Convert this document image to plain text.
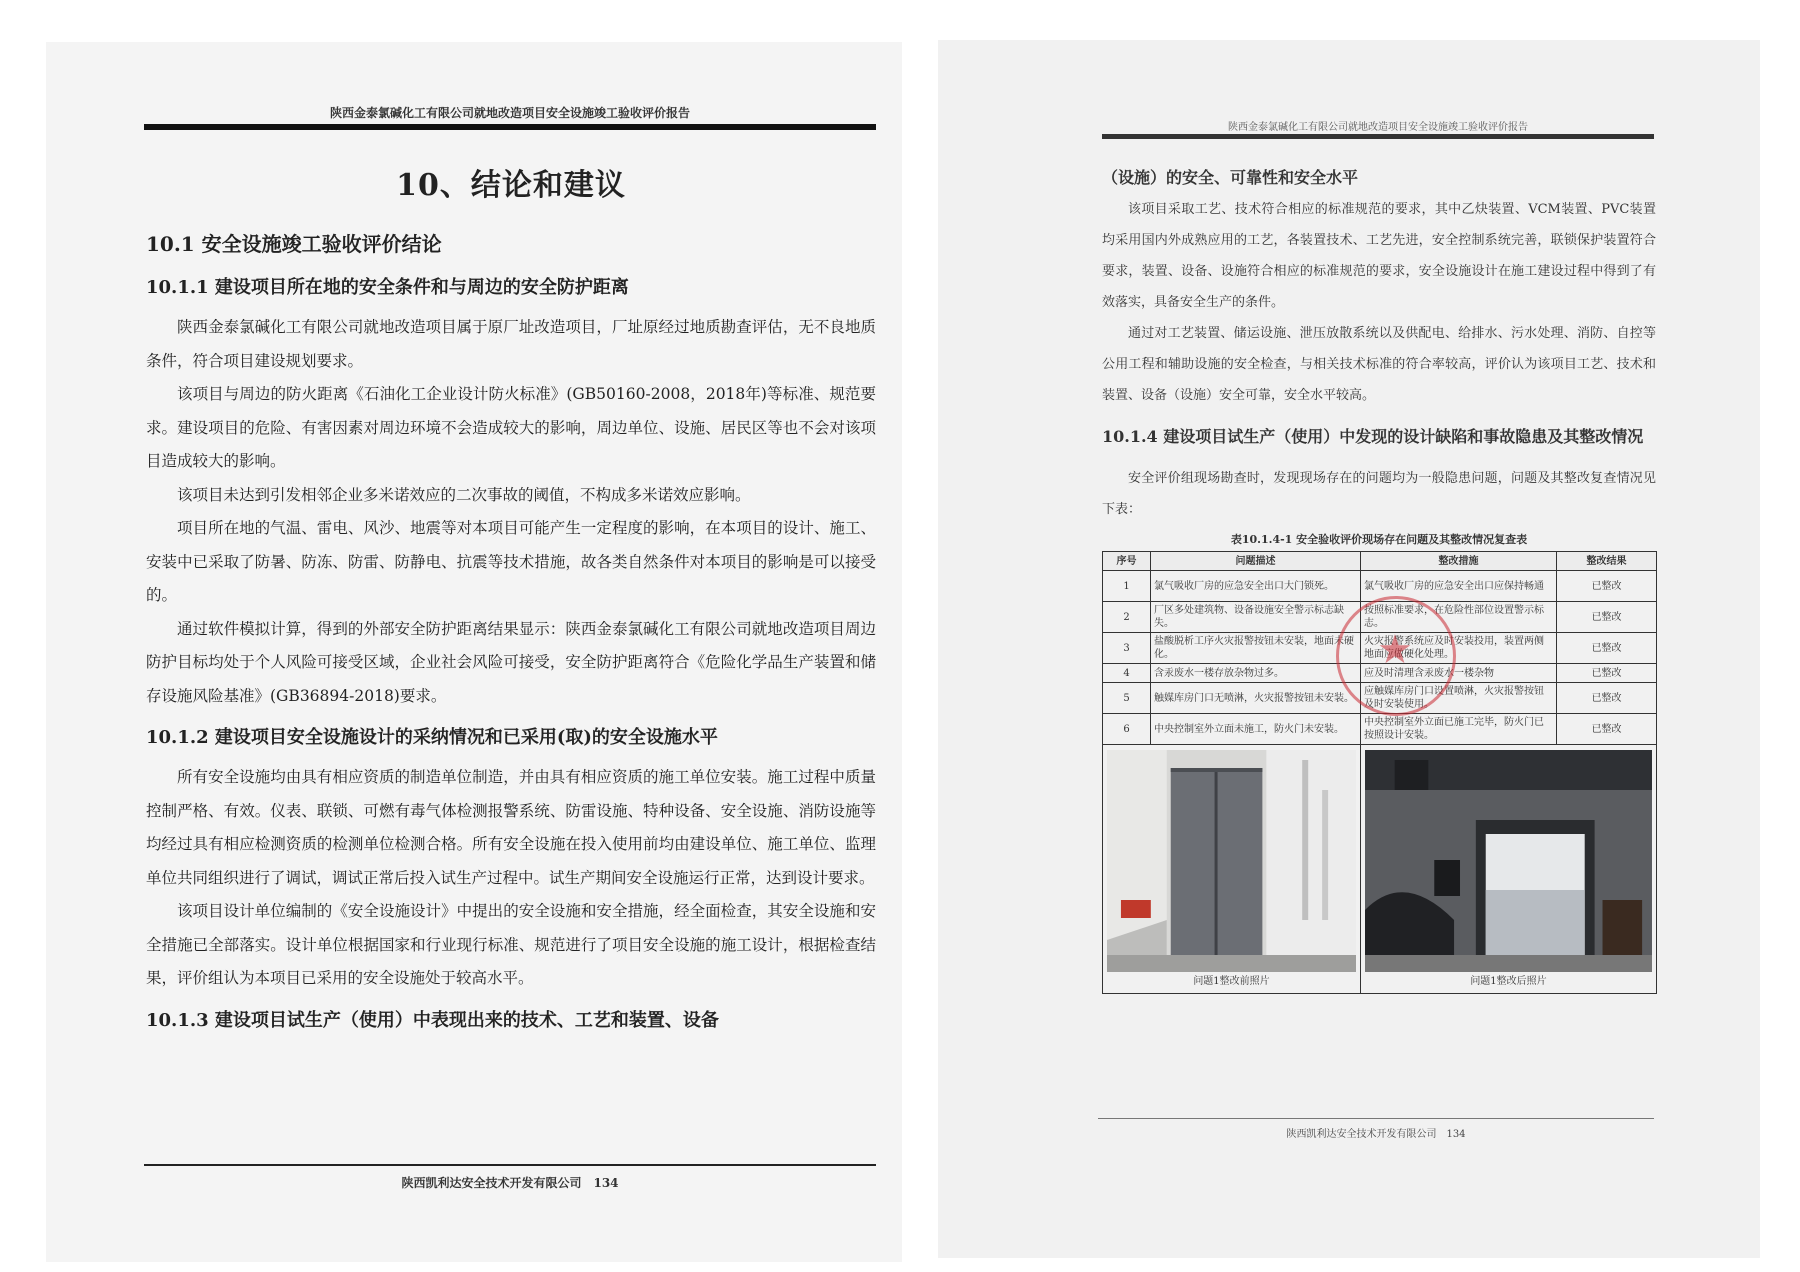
陕西金泰氯碱化工有限公司就地改造项目安全设施竣工验收评价报告
10、结论和建议
10.1 安全设施竣工验收评价结论
10.1.1 建设项目所在地的安全条件和与周边的安全防护距离

陕西金泰氯碱化工有限公司就地改造项目属于原厂址改造项目，厂址原经过地质勘查评估，无不良地质条件，符合项目建设规划要求。

该项目与周边的防火距离《石油化工企业设计防火标准》(GB50160-2008，2018年)等标准、规范要求。建设项目的危险、有害因素对周边环境不会造成较大的影响，周边单位、设施、居民区等也不会对该项目造成较大的影响。

该项目未达到引发相邻企业多米诺效应的二次事故的阈值，不构成多米诺效应影响。

项目所在地的气温、雷电、风沙、地震等对本项目可能产生一定程度的影响，在本项目的设计、施工、安装中已采取了防暑、防冻、防雷、防静电、抗震等技术措施，故各类自然条件对本项目的影响是可以接受的。

通过软件模拟计算，得到的外部安全防护距离结果显示：陕西金泰氯碱化工有限公司就地改造项目周边防护目标均处于个人风险可接受区域，企业社会风险可接受，安全防护距离符合《危险化学品生产装置和储存设施风险基准》(GB36894-2018)要求。

10.1.2 建设项目安全设施设计的采纳情况和已采用(取)的安全设施水平

所有安全设施均由具有相应资质的制造单位制造，并由具有相应资质的施工单位安装。施工过程中质量控制严格、有效。仪表、联锁、可燃有毒气体检测报警系统、防雷设施、特种设备、安全设施、消防设施等均经过具有相应检测资质的检测单位检测合格。所有安全设施在投入使用前均由建设单位、施工单位、监理单位共同组织进行了调试，调试正常后投入试生产过程中。试生产期间安全设施运行正常，达到设计要求。

该项目设计单位编制的《安全设施设计》中提出的安全设施和安全措施，经全面检查，其安全设施和安全措施已全部落实。设计单位根据国家和行业现行标准、规范进行了项目安全设施的施工设计，根据检查结果，评价组认为本项目已采用的安全设施处于较高水平。

10.1.3 建设项目试生产（使用）中表现出来的技术、工艺和装置、设备
陕西凯利达安全技术开发有限公司　134
陕西金泰氯碱化工有限公司就地改造项目安全设施竣工验收评价报告
（设施）的安全、可靠性和安全水平

该项目采取工艺、技术符合相应的标准规范的要求，其中乙炔装置、VCM装置、PVC装置均采用国内外成熟应用的工艺，各装置技术、工艺先进，安全控制系统完善，联锁保护装置符合要求，装置、设备、设施符合相应的标准规范的要求，安全设施设计在施工建设过程中得到了有效落实，具备安全生产的条件。

通过对工艺装置、储运设施、泄压放散系统以及供配电、给排水、污水处理、消防、自控等公用工程和辅助设施的安全检查，与相关技术标准的符合率较高，评价认为该项目工艺、技术和装置、设备（设施）安全可靠，安全水平较高。

10.1.4 建设项目试生产（使用）中发现的设计缺陷和事故隐患及其整改情况

安全评价组现场勘查时，发现现场存在的问题均为一般隐患问题，问题及其整改复查情况见下表：

表10.1.4-1 安全验收评价现场存在问题及其整改情况复查表
序号	问题描述	整改措施	整改结果
1	氯气吸收厂房的应急安全出口大门锁死。	氯气吸收厂房的应急安全出口应保持畅通	已整改
2	厂区多处建筑物、设备设施安全警示标志缺失。	按照标准要求，在危险性部位设置警示标志。	已整改
3	盐酸脱析工序火灾报警按钮未安装，地面未硬化。	火灾报警系统应及时安装投用，装置两侧地面应做硬化处理。	已整改
4	含汞废水一楼存放杂物过多。	应及时清理含汞废水一楼杂物	已整改
5	触媒库房门口无喷淋，火灾报警按钮未安装。	应触媒库房门口设置喷淋，火灾报警按钮及时安装使用。	已整改
6	中央控制室外立面未施工，防火门未安装。	中央控制室外立面已施工完毕，防火门已按照设计安装。	已整改

问题1整改前照片		问题1整改后照片	
★
陕西凯利达安全技术开发有限公司　134
